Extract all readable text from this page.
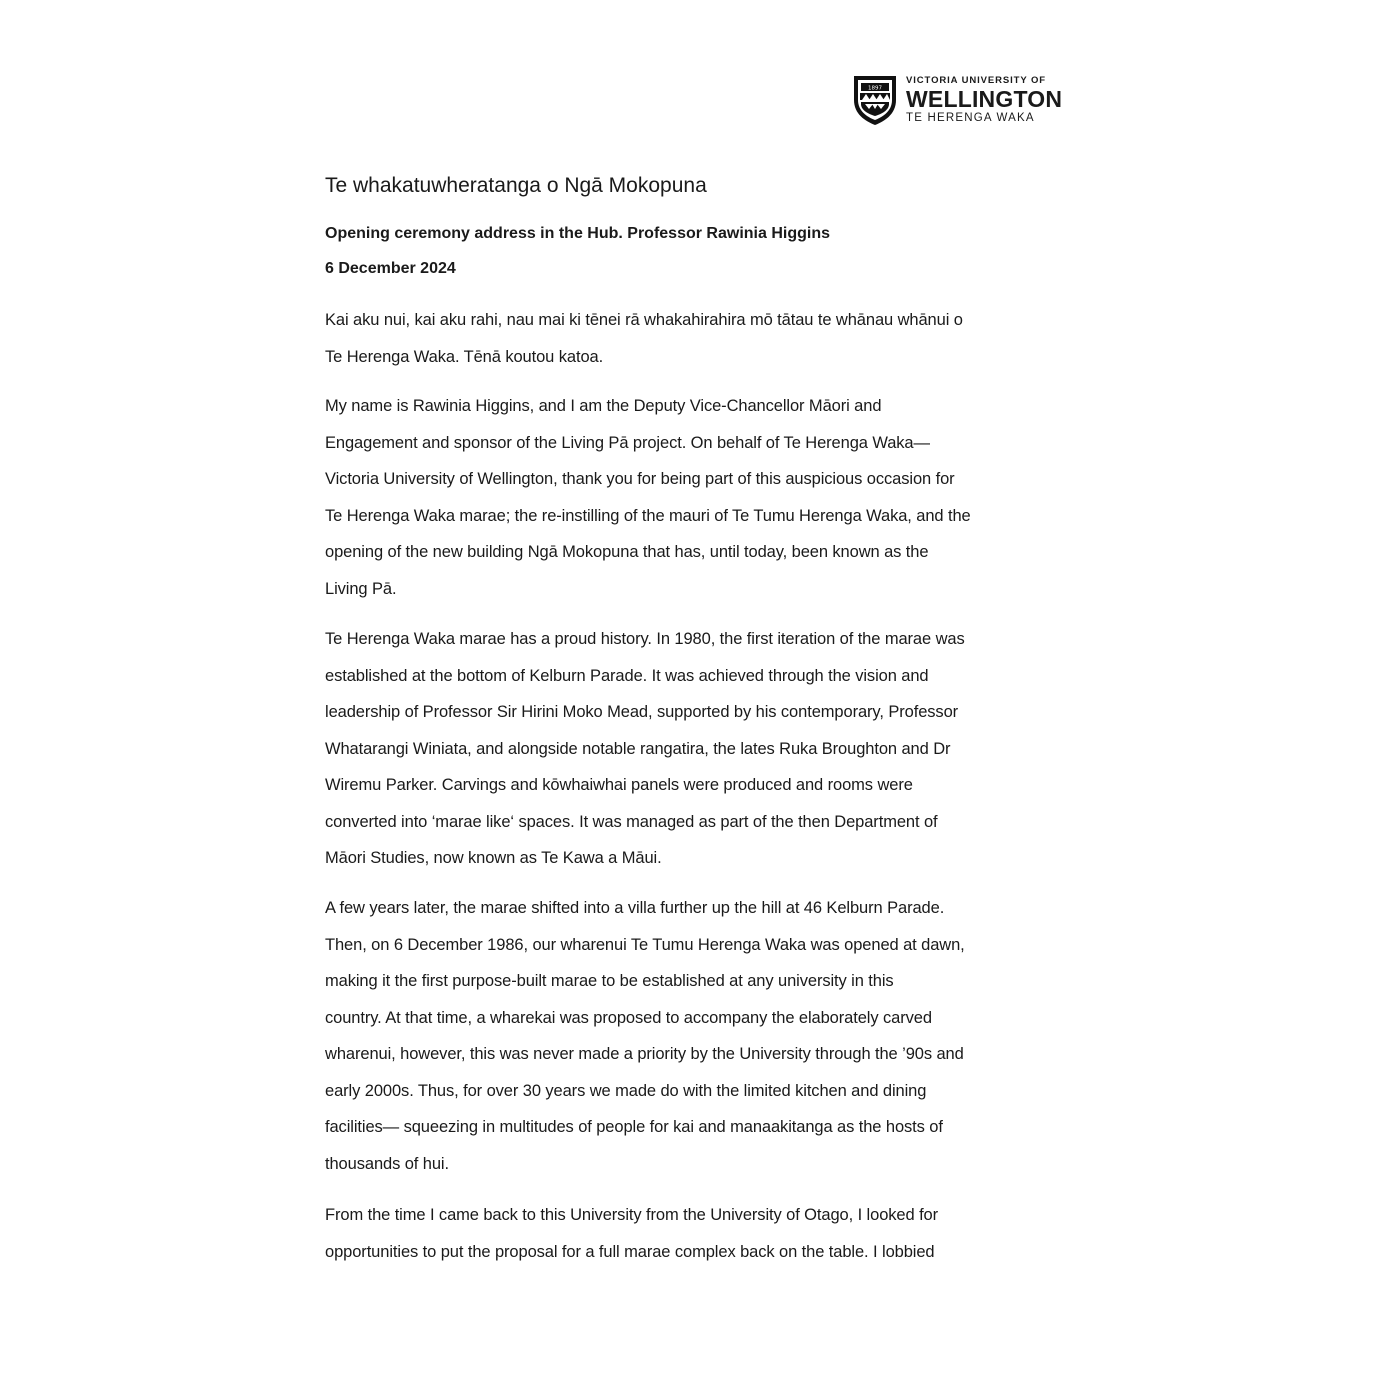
1897
VICTORIA UNIVERSITY OF
WELLINGTON
TE HERENGA WAKA
Te whakatuwheratanga o Ngā Mokopuna

Opening ceremony address in the Hub. Professor Rawinia Higgins

6 December 2024

Kai aku nui, kai aku rahi, nau mai ki tēnei rā whakahirahira mō tātau te whānau whānui o
Te Herenga Waka. Tēnā koutou katoa.

My name is Rawinia Higgins, and I am the Deputy Vice-Chancellor Māori and
Engagement and sponsor of the Living Pā project. On behalf of Te Herenga Waka—
Victoria University of Wellington, thank you for being part of this auspicious occasion for
Te Herenga Waka marae; the re-instilling of the mauri of Te Tumu Herenga Waka, and the
opening of the new building Ngā Mokopuna that has, until today, been known as the
Living Pā.

Te Herenga Waka marae has a proud history. In 1980, the first iteration of the marae was
established at the bottom of Kelburn Parade. It was achieved through the vision and
leadership of Professor Sir Hirini Moko Mead, supported by his contemporary, Professor
Whatarangi Winiata, and alongside notable rangatira, the lates Ruka Broughton and Dr
Wiremu Parker. Carvings and kōwhaiwhai panels were produced and rooms were
converted into ‘marae like‘ spaces. It was managed as part of the then Department of
Māori Studies, now known as Te Kawa a Māui.

A few years later, the marae shifted into a villa further up the hill at 46 Kelburn Parade.
Then, on 6 December 1986, our wharenui Te Tumu Herenga Waka was opened at dawn,
making it the first purpose-built marae to be established at any university in this
country. At that time, a wharekai was proposed to accompany the elaborately carved
wharenui, however, this was never made a priority by the University through the ’90s and
early 2000s. Thus, for over 30 years we made do with the limited kitchen and dining
facilities— squeezing in multitudes of people for kai and manaakitanga as the hosts of
thousands of hui.

From the time I came back to this University from the University of Otago, I looked for
opportunities to put the proposal for a full marae complex back on the table. I lobbied
